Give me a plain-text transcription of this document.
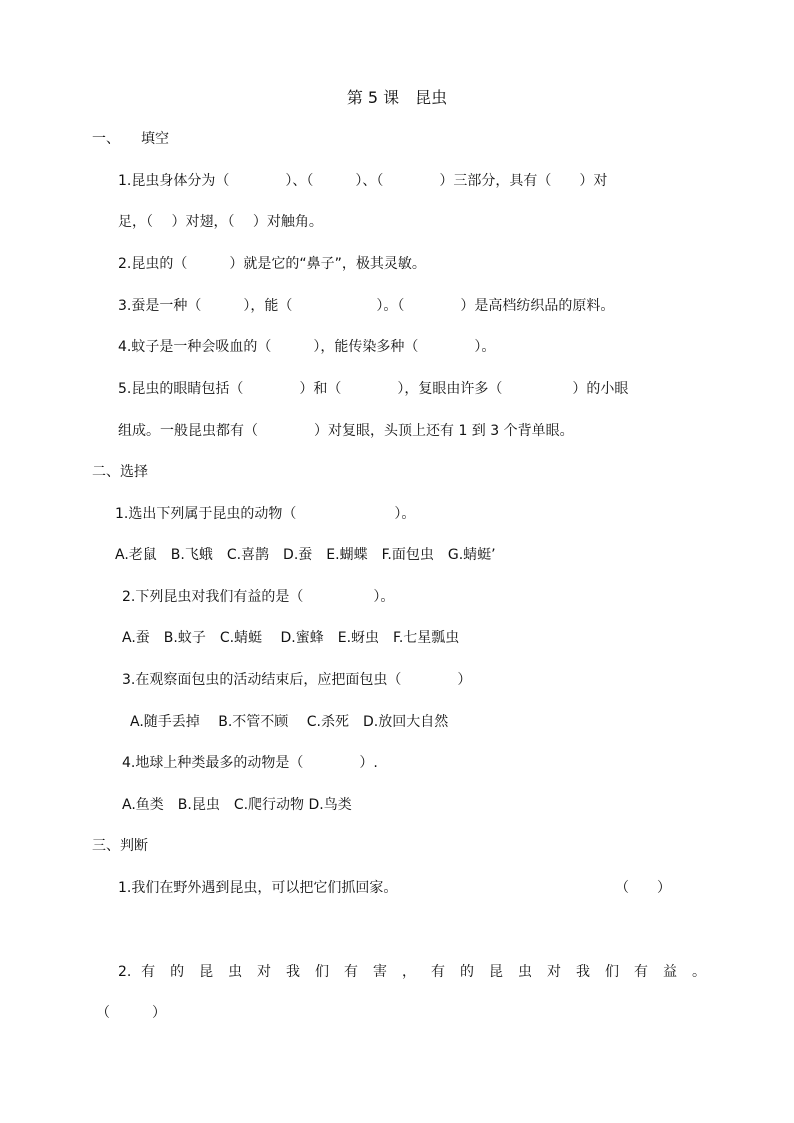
第 5 课　昆虫
一、　　填空
1.昆虫身体分为（　　　　）、（　　　）、（　　　　）三部分，具有（　　）对
足，（　 ）对翅，（　 ）对触角。
2.昆虫的（　　　）就是它的“鼻子”，极其灵敏。
3.蚕是一种（　　　），能（　　　　　　）。（　　　　）是高档纺织品的原料。
4.蚊子是一种会吸血的（　　　），能传染多种（　　　　）。
5.昆虫的眼睛包括（　　　　）和（　　　　），复眼由许多（　　　　　）的小眼
组成。一般昆虫都有（　　　　）对复眼，头顶上还有 1 到 3 个背单眼。
二、选择
1.选出下列属于昆虫的动物（　　　　　　　）。
A.老鼠　B.飞蛾　C.喜鹊　D.蚕　E.蝴蝶　F.面包虫　G.蜻蜓’
2.下列昆虫对我们有益的是（　　　　　）。
A.蚕　B.蚊子　C.蜻蜓　 D.蜜蜂　E.蚜虫　F.七星瓢虫
3.在观察面包虫的活动结束后，应把面包虫（　　　　）
A.随手丢掉　 B.不管不顾　 C.杀死　D.放回大自然
4.地球上种类最多的动物是（　　　　）.
A.鱼类　B.昆虫　C.爬行动物 D.鸟类
三、判断
1.我们在野外遇到昆虫，可以把它们抓回家。	（　　）
2. 有 的 昆 虫 对 我 们 有 害 ， 有 的 昆 虫 对 我 们 有 益 。
（　　　）
